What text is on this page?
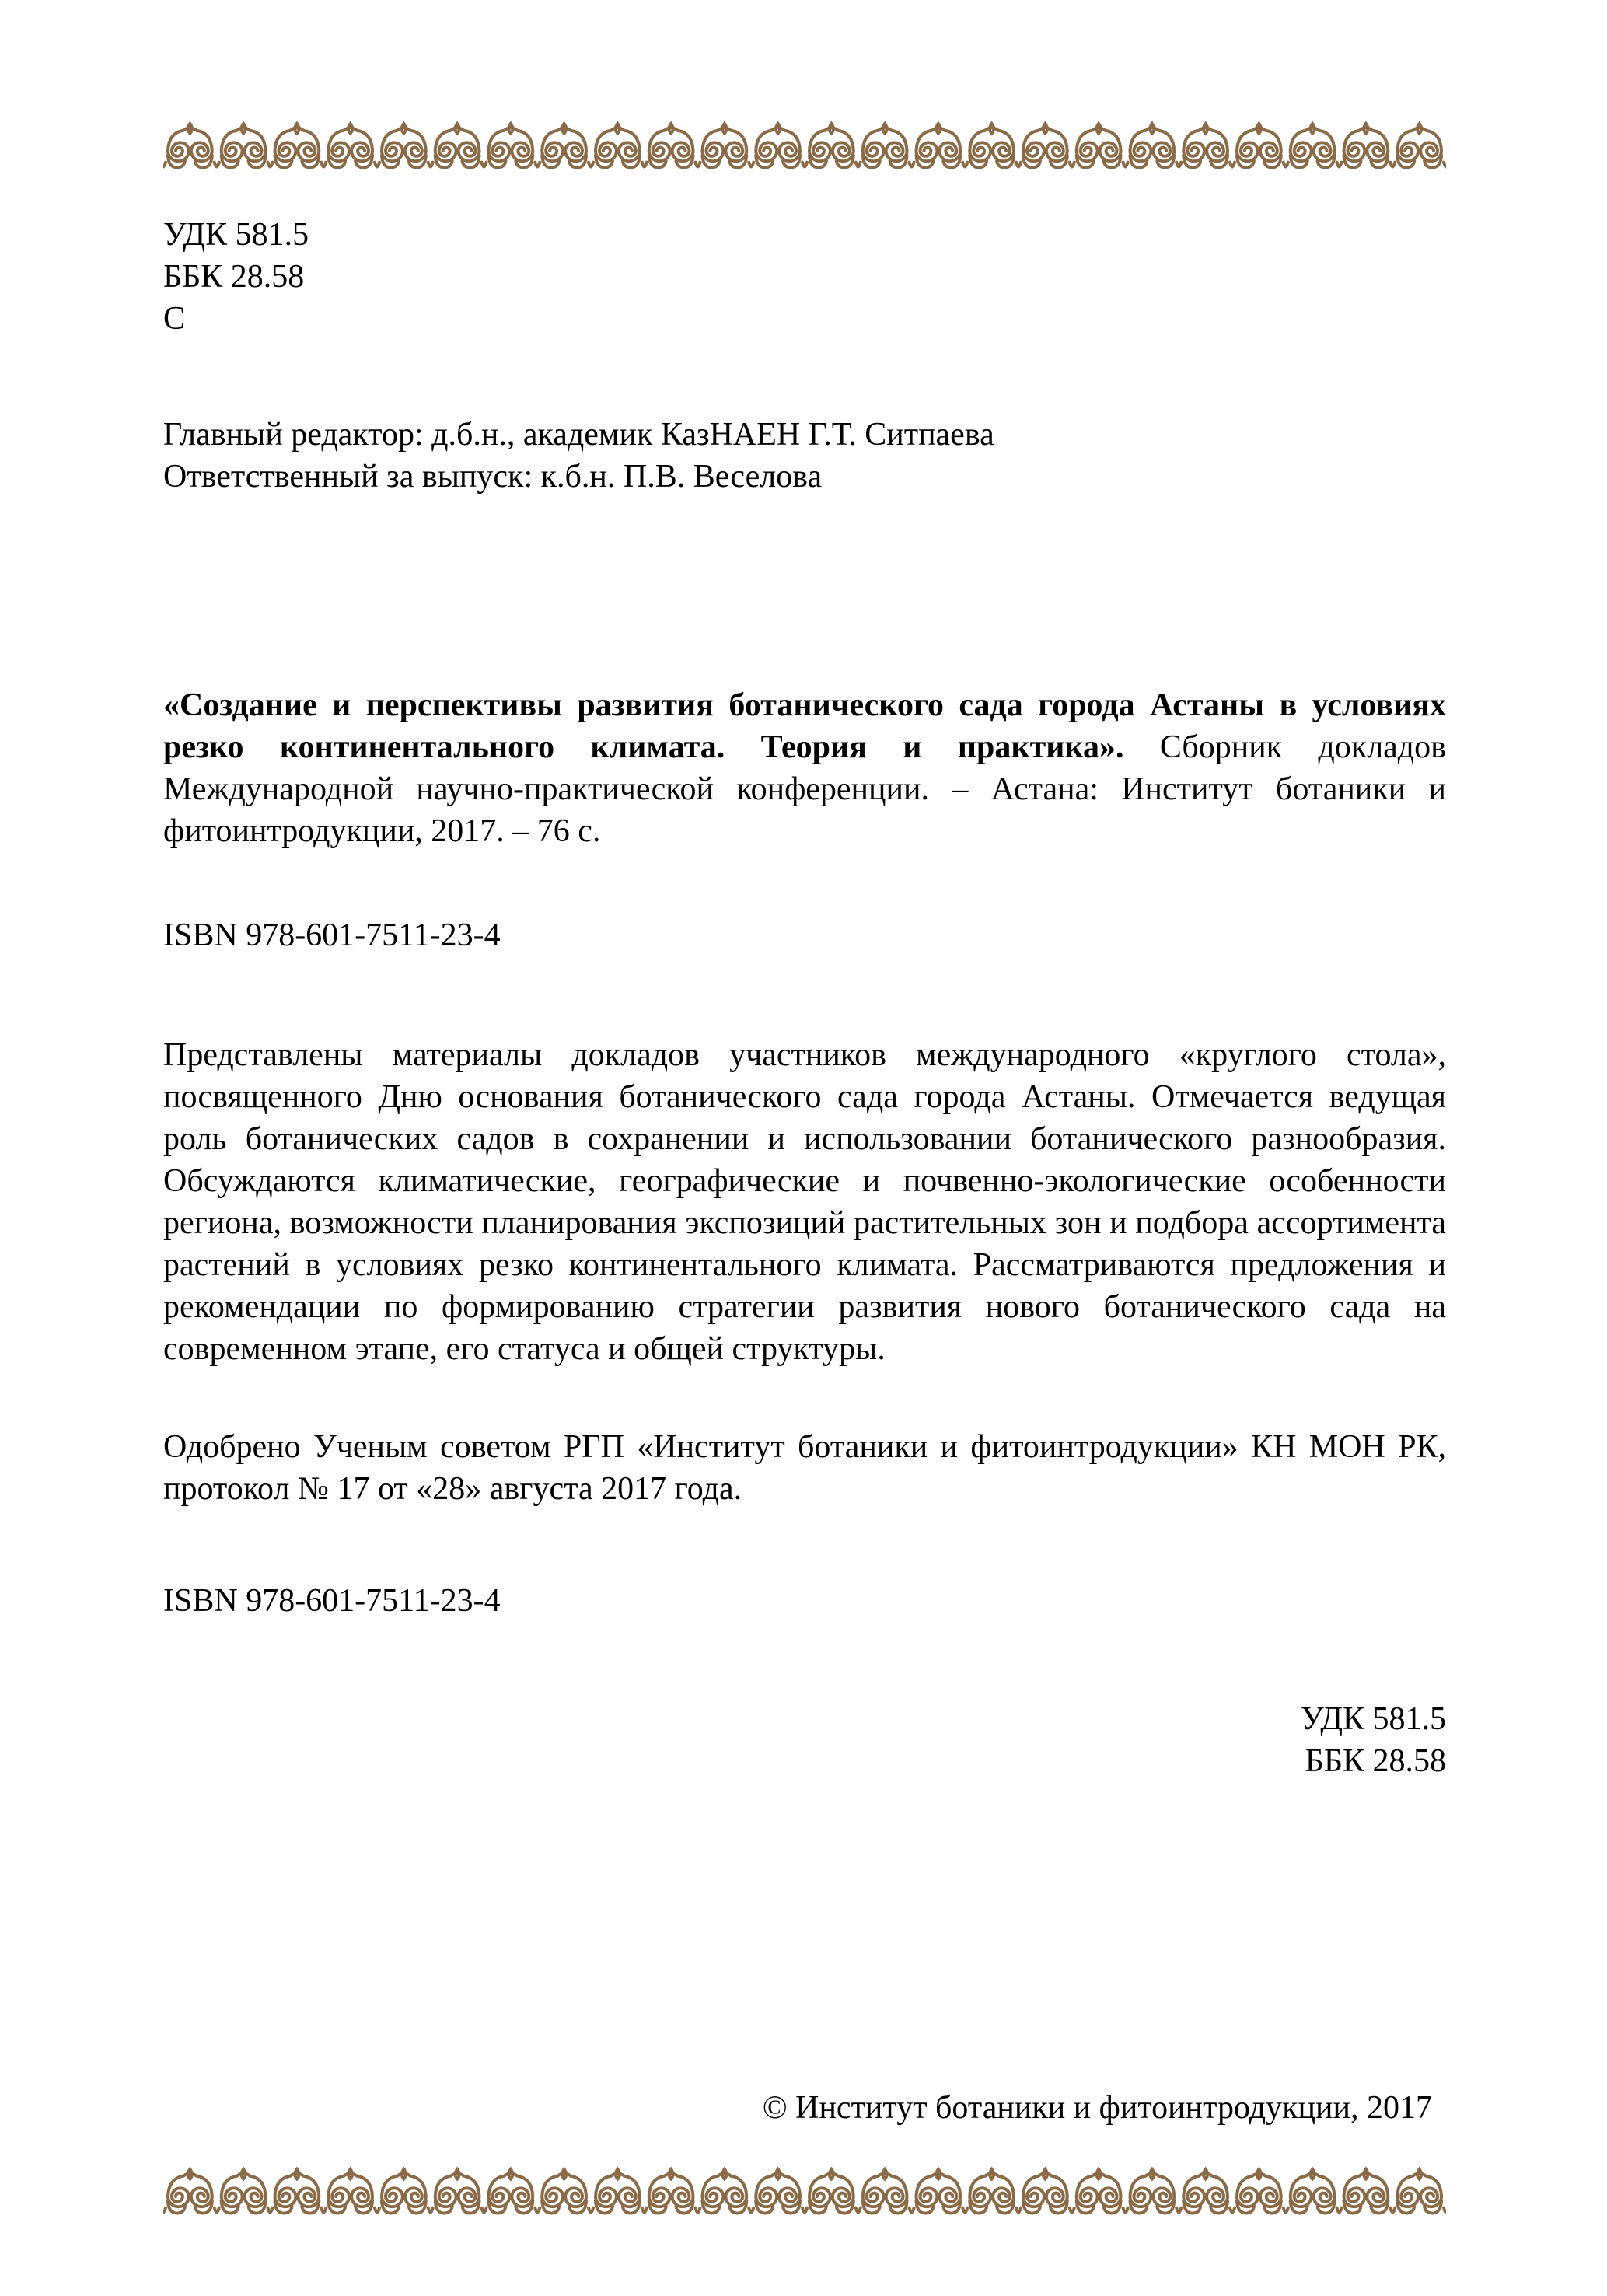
УДК 581.5
ББК 28.58
С
Главный редактор: д.б.н., академик КазНАЕН Г.Т. Ситпаева
Ответственный за выпуск: к.б.н. П.В. Веселова

«Создание и перспективы развития ботанического сада города Астаны в условиях резко континентального климата. Теория и практика». Сборник докладов Международной научно-практической конференции. – Астана: Институт ботаники и фитоинтродукции, 2017. – 76 с.

ISBN 978-601-7511-23-4

Представлены материалы докладов участников международного «круглого стола», посвященного Дню основания ботанического сада города Астаны. Отмечается ведущая роль ботанических садов в сохранении и использовании ботанического разнообразия. Обсуждаются климатические, географические и почвенно-экологические особенности региона, возможности планирования экспозиций растительных зон и подбора ассортимента растений в условиях резко континентального климата. Рассматриваются предложения и рекомендации по формированию стратегии развития нового ботанического сада на современном этапе, его статуса и общей структуры.

Одобрено Ученым советом РГП «Институт ботаники и фитоинтродукции» КН МОН РК, протокол № 17 от «28» августа 2017 года.

ISBN 978-601-7511-23-4
УДК 581.5
ББК 28.58
© Институт ботаники и фитоинтродукции, 2017
